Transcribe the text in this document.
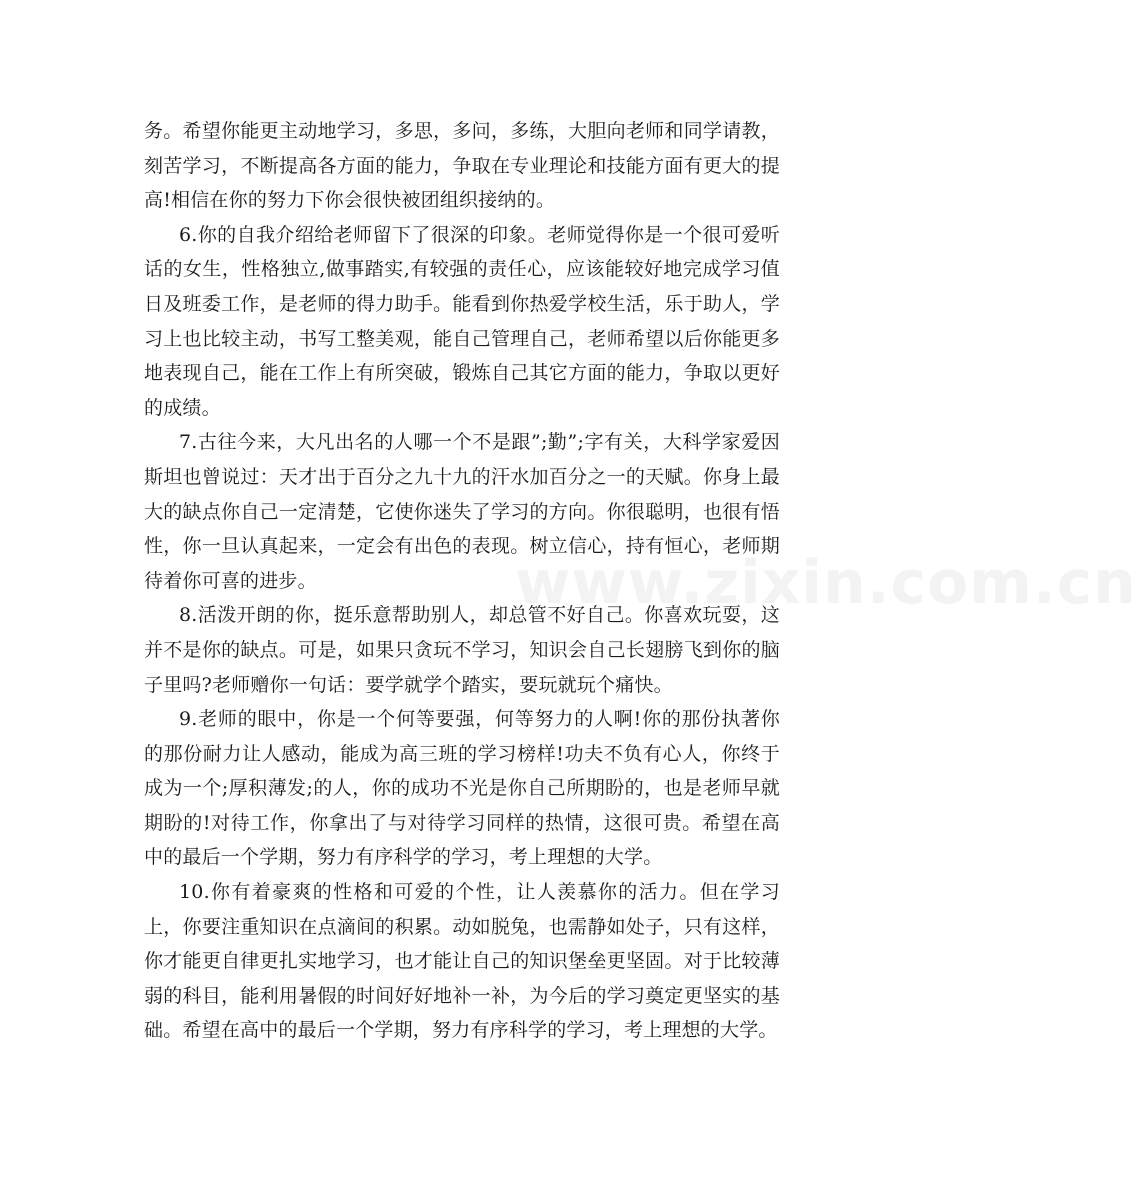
务。希望你能更主动地学习，多思，多问，多练，大胆向老师和同学请教，刻苦学习，不断提高各方面的能力，争取在专业理论和技能方面有更大的提高!相信在你的努力下你会很快被团组织接纳的。

6.你的自我介绍给老师留下了很深的印象。老师觉得你是一个很可爱听话的女生，性格独立,做事踏实,有较强的责任心，应该能较好地完成学习值日及班委工作，是老师的得力助手。能看到你热爱学校生活，乐于助人，学习上也比较主动，书写工整美观，能自己管理自己，老师希望以后你能更多地表现自己，能在工作上有所突破，锻炼自己其它方面的能力，争取以更好的成绩。

7.古往今来，大凡出名的人哪一个不是跟”;勤”;字有关，大科学家爱因斯坦也曾说过：天才出于百分之九十九的汗水加百分之一的天赋。你身上最大的缺点你自己一定清楚，它使你迷失了学习的方向。你很聪明，也很有悟性，你一旦认真起来，一定会有出色的表现。树立信心，持有恒心，老师期待着你可喜的进步。

8.活泼开朗的你，挺乐意帮助别人，却总管不好自己。你喜欢玩耍，这并不是你的缺点。可是，如果只贪玩不学习，知识会自己长翅膀飞到你的脑子里吗?老师赠你一句话：要学就学个踏实，要玩就玩个痛快。

9.老师的眼中，你是一个何等要强，何等努力的人啊!你的那份执著你的那份耐力让人感动，能成为高三班的学习榜样!功夫不负有心人，你终于成为一个;厚积薄发;的人，你的成功不光是你自己所期盼的，也是老师早就期盼的!对待工作，你拿出了与对待学习同样的热情，这很可贵。希望在高中的最后一个学期，努力有序科学的学习，考上理想的大学。

10.你有着豪爽的性格和可爱的个性，让人羡慕你的活力。但在学习上，你要注重知识在点滴间的积累。动如脱兔，也需静如处子，只有这样，你才能更自律更扎实地学习，也才能让自己的知识堡垒更坚固。对于比较薄弱的科目，能利用暑假的时间好好地补一补，为今后的学习奠定更坚实的基础。希望在高中的最后一个学期，努力有序科学的学习，考上理想的大学。

www.zixin.com.cn
